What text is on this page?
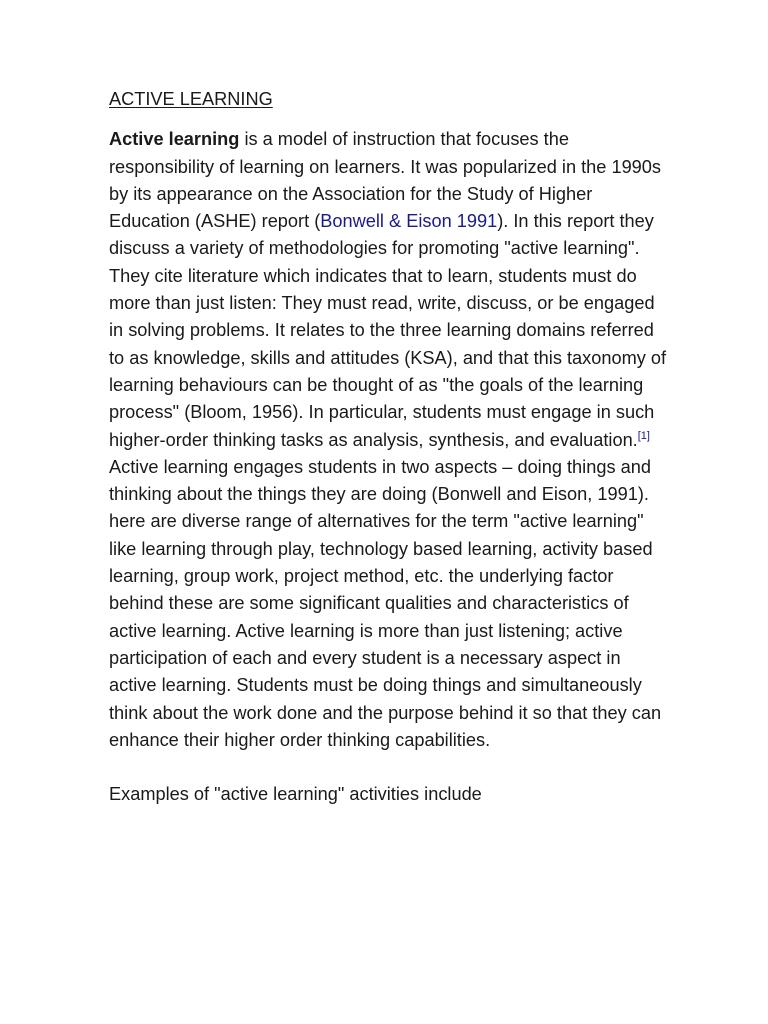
ACTIVE LEARNING

Active learning is a model of instruction that focuses the responsibility of learning on learners. It was popularized in the 1990s by its appearance on the Association for the Study of Higher Education (ASHE) report (Bonwell & Eison 1991). In this report they discuss a variety of methodologies for promoting "active learning". They cite literature which indicates that to learn, students must do more than just listen: They must read, write, discuss, or be engaged in solving problems. It relates to the three learning domains referred to as knowledge, skills and attitudes (KSA), and that this taxonomy of learning behaviours can be thought of as "the goals of the learning process" (Bloom, 1956). In particular, students must engage in such higher-order thinking tasks as analysis, synthesis, and evaluation.[1] Active learning engages students in two aspects – doing things and thinking about the things they are doing (Bonwell and Eison, 1991).

here are diverse range of alternatives for the term "active learning" like learning through play, technology based learning, activity based learning, group work, project method, etc. the underlying factor behind these are some significant qualities and characteristics of active learning. Active learning is more than just listening; active participation of each and every student is a necessary aspect in active learning. Students must be doing things and simultaneously think about the work done and the purpose behind it so that they can enhance their higher order thinking capabilities.

Examples of "active learning" activities include
